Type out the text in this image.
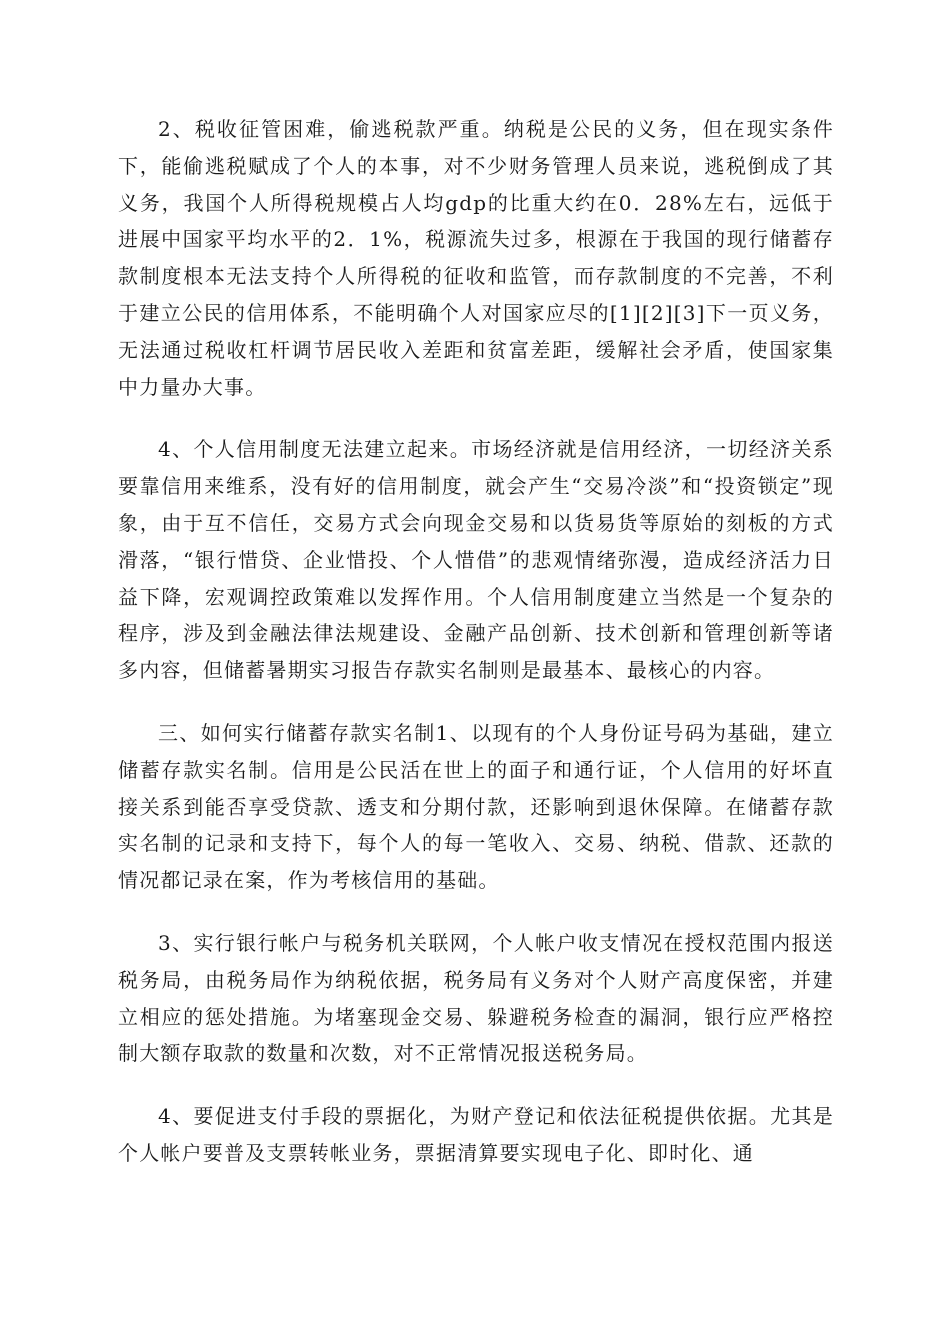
2、税收征管困难，偷逃税款严重。纳税是公民的义务，但在现实条件下，能偷逃税赋成了个人的本事，对不少财务管理人员来说，逃税倒成了其义务，我国个人所得税规模占人均gdp的比重大约在0．28%左右，远低于进展中国家平均水平的2．1%，税源流失过多，根源在于我国的现行储蓄存款制度根本无法支持个人所得税的征收和监管，而存款制度的不完善，不利于建立公民的信用体系，不能明确个人对国家应尽的[1][2][3]下一页义务，无法通过税收杠杆调节居民收入差距和贫富差距，缓解社会矛盾，使国家集中力量办大事。

4、个人信用制度无法建立起来。市场经济就是信用经济，一切经济关系要靠信用来维系，没有好的信用制度，就会产生“交易冷淡”和“投资锁定”现象，由于互不信任，交易方式会向现金交易和以货易货等原始的刻板的方式滑落，“银行惜贷、企业惜投、个人惜借”的悲观情绪弥漫，造成经济活力日益下降，宏观调控政策难以发挥作用。个人信用制度建立当然是一个复杂的程序，涉及到金融法律法规建设、金融产品创新、技术创新和管理创新等诸多内容，但储蓄暑期实习报告存款实名制则是最基本、最核心的内容。

三、如何实行储蓄存款实名制1、以现有的个人身份证号码为基础，建立储蓄存款实名制。信用是公民活在世上的面子和通行证，个人信用的好坏直接关系到能否享受贷款、透支和分期付款，还影响到退休保障。在储蓄存款实名制的记录和支持下，每个人的每一笔收入、交易、纳税、借款、还款的情况都记录在案，作为考核信用的基础。

3、实行银行帐户与税务机关联网，个人帐户收支情况在授权范围内报送税务局，由税务局作为纳税依据，税务局有义务对个人财产高度保密，并建立相应的惩处措施。为堵塞现金交易、躲避税务检查的漏洞，银行应严格控制大额存取款的数量和次数，对不正常情况报送税务局。

4、要促进支付手段的票据化，为财产登记和依法征税提供依据。尤其是个人帐户要普及支票转帐业务，票据清算要实现电子化、即时化、通
